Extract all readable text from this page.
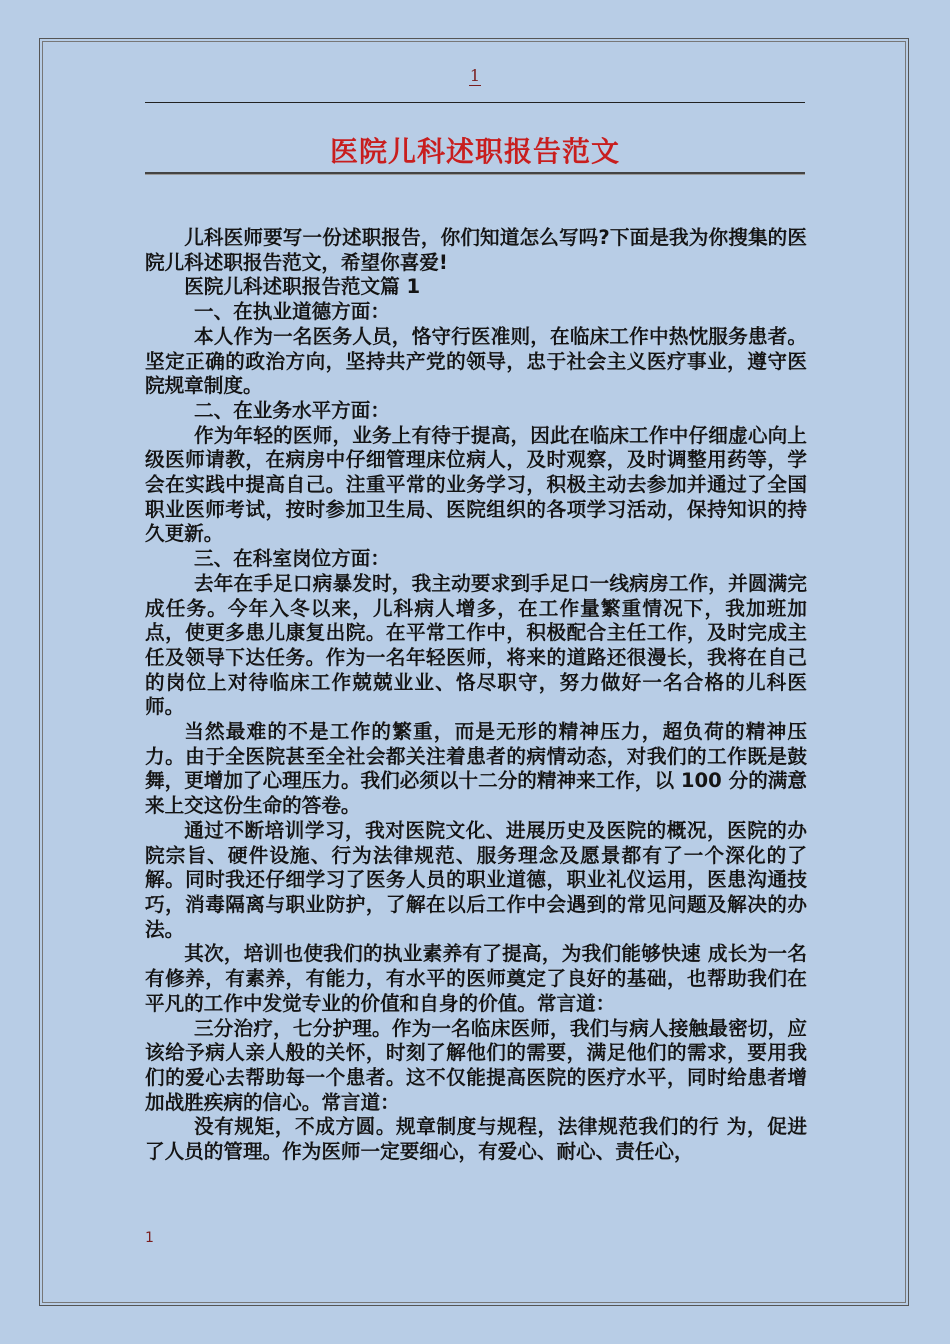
1
医院儿科述职报告范文

儿科医师要写一份述职报告，你们知道怎么写吗?下面是我为你搜集的医院儿科述职报告范文，希望你喜爱!

医院儿科述职报告范文篇 1

一、在执业道德方面：

本人作为一名医务人员，恪守行医准则，在临床工作中热忱服务患者。坚定正确的政治方向，坚持共产党的领导，忠于社会主义医疗事业，遵守医院规章制度。

二、在业务水平方面：

作为年轻的医师，业务上有待于提高，因此在临床工作中仔细虚心向上级医师请教，在病房中仔细管理床位病人，及时观察，及时调整用药等，学会在实践中提高自己。注重平常的业务学习，积极主动去参加并通过了全国职业医师考试，按时参加卫生局、医院组织的各项学习活动，保持知识的持久更新。

三、在科室岗位方面：

去年在手足口病暴发时，我主动要求到手足口一线病房工作，并圆满完成任务。今年入冬以来，儿科病人增多，在工作量繁重情况下，我加班加点，使更多患儿康复出院。在平常工作中，积极配合主任工作，及时完成主任及领导下达任务。作为一名年轻医师，将来的道路还很漫长，我将在自己的岗位上对待临床工作兢兢业业、恪尽职守，努力做好一名合格的儿科医师。

当然最难的不是工作的繁重，而是无形的精神压力，超负荷的精神压力。由于全医院甚至全社会都关注着患者的病情动态，对我们的工作既是鼓舞，更增加了心理压力。我们必须以十二分的精神来工作，以 100 分的满意来上交这份生命的答卷。

通过不断培训学习，我对医院文化、进展历史及医院的概况，医院的办院宗旨、硬件设施、行为法律规范、服务理念及愿景都有了一个深化的了解。同时我还仔细学习了医务人员的职业道德，职业礼仪运用，医患沟通技巧，消毒隔离与职业防护，了解在以后工作中会遇到的常见问题及解决的办法。

其次，培训也使我们的执业素养有了提高，为我们能够快速 成长为一名有修养，有素养，有能力，有水平的医师奠定了良好的基础，也帮助我们在平凡的工作中发觉专业的价值和自身的价值。常言道：

三分治疗，七分护理。作为一名临床医师，我们与病人接触最密切，应该给予病人亲人般的关怀，时刻了解他们的需要，满足他们的需求，要用我们的爱心去帮助每一个患者。这不仅能提高医院的医疗水平，同时给患者增加战胜疾病的信心。常言道：

没有规矩，不成方圆。规章制度与规程，法律规范我们的行 为，促进了人员的管理。作为医师一定要细心，有爱心、耐心、责任心，

1
